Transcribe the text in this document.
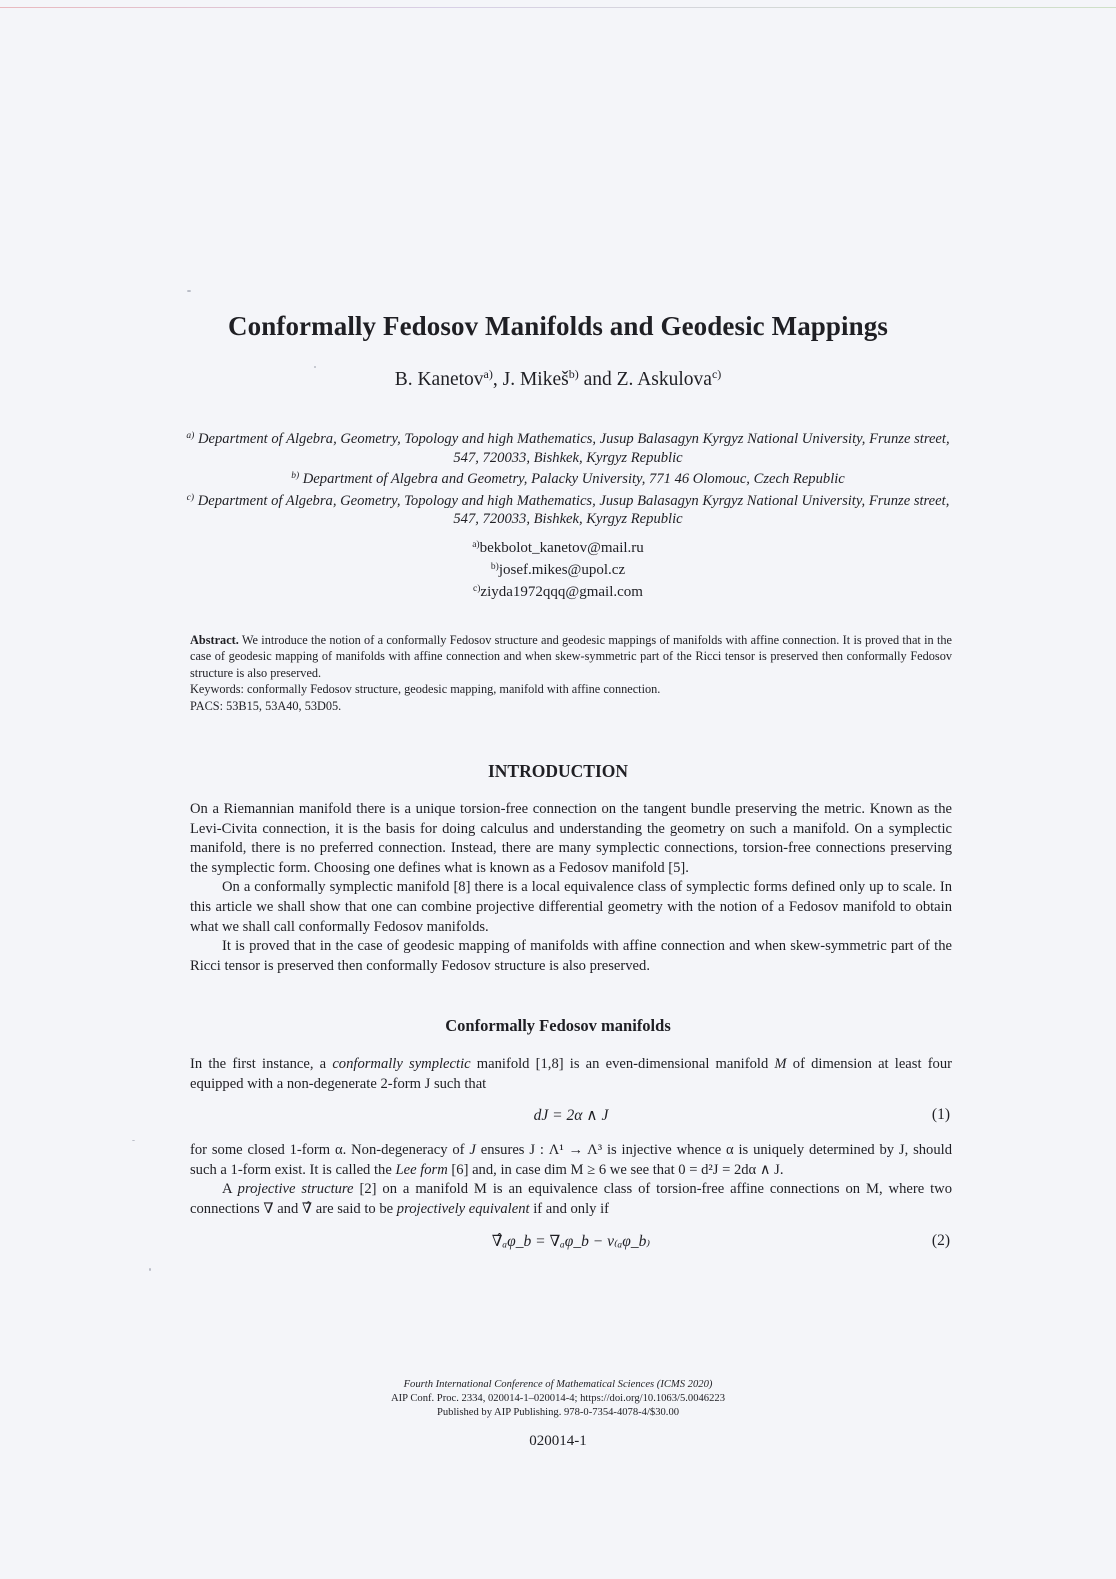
Conformally Fedosov Manifolds and Geodesic Mappings
B. Kanetov$^{a)}$, J. Mikeš$^{b)}$ and Z. Askulova$^{c)}$

$^{a)}$ Department of Algebra, Geometry, Topology and high Mathematics, Jusup Balasagyn Kyrgyz National University, Frunze street, 547, 720033, Bishkek, Kyrgyz Republic

$^{b)}$ Department of Algebra and Geometry, Palacky University, 771 46 Olomouc, Czech Republic

$^{c)}$ Department of Algebra, Geometry, Topology and high Mathematics, Jusup Balasagyn Kyrgyz National University, Frunze street, 547, 720033, Bishkek, Kyrgyz Republic

$^{a)}$bekbolot_kanetov@mail.ru

$^{b)}$josef.mikes@upol.cz

$^{c)}$ziyda1972qqq@gmail.com

Abstract. We introduce the notion of a conformally Fedosov structure and geodesic mappings of manifolds with affine connection. It is proved that in the case of geodesic mapping of manifolds with affine connection and when skew-symmetric part of the Ricci tensor is preserved then conformally Fedosov structure is also preserved.

Keywords: conformally Fedosov structure, geodesic mapping, manifold with affine connection.

PACS: 53B15, 53A40, 53D05.

INTRODUCTION

On a Riemannian manifold there is a unique torsion-free connection on the tangent bundle preserving the metric. Known as the Levi-Civita connection, it is the basis for doing calculus and understanding the geometry on such a manifold. On a symplectic manifold, there is no preferred connection. Instead, there are many symplectic connections, torsion-free connections preserving the symplectic form. Choosing one defines what is known as a Fedosov manifold [5].

On a conformally symplectic manifold [8] there is a local equivalence class of symplectic forms defined only up to scale. In this article we shall show that one can combine projective differential geometry with the notion of a Fedosov manifold to obtain what we shall call conformally Fedosov manifolds.

It is proved that in the case of geodesic mapping of manifolds with affine connection and when skew-symmetric part of the Ricci tensor is preserved then conformally Fedosov structure is also preserved.

Conformally Fedosov manifolds

In the first instance, a conformally symplectic manifold [1,8] is an even-dimensional manifold M of dimension at least four equipped with a non-degenerate 2-form J such that

dJ = 2α ∧ J	(1)

for some closed 1-form α. Non-degeneracy of J ensures J : Λ¹ → Λ³ is injective whence α is uniquely determined by J, should such a 1-form exist. It is called the Lee form [6] and, in case dim M ≥ 6 we see that 0 = d²J = 2dα ∧ J.

A projective structure [2] on a manifold M is an equivalence class of torsion-free affine connections on M, where two connections ∇ and ∇̂ are said to be projectively equivalent if and only if

∇̂ₐφ_b = ∇ₐφ_b − ν₍ₐφ_b₎	(2)

Fourth International Conference of Mathematical Sciences (ICMS 2020)

AIP Conf. Proc. 2334, 020014-1–020014-4; https://doi.org/10.1063/5.0046223

Published by AIP Publishing. 978-0-7354-4078-4/$30.00

020014-1
